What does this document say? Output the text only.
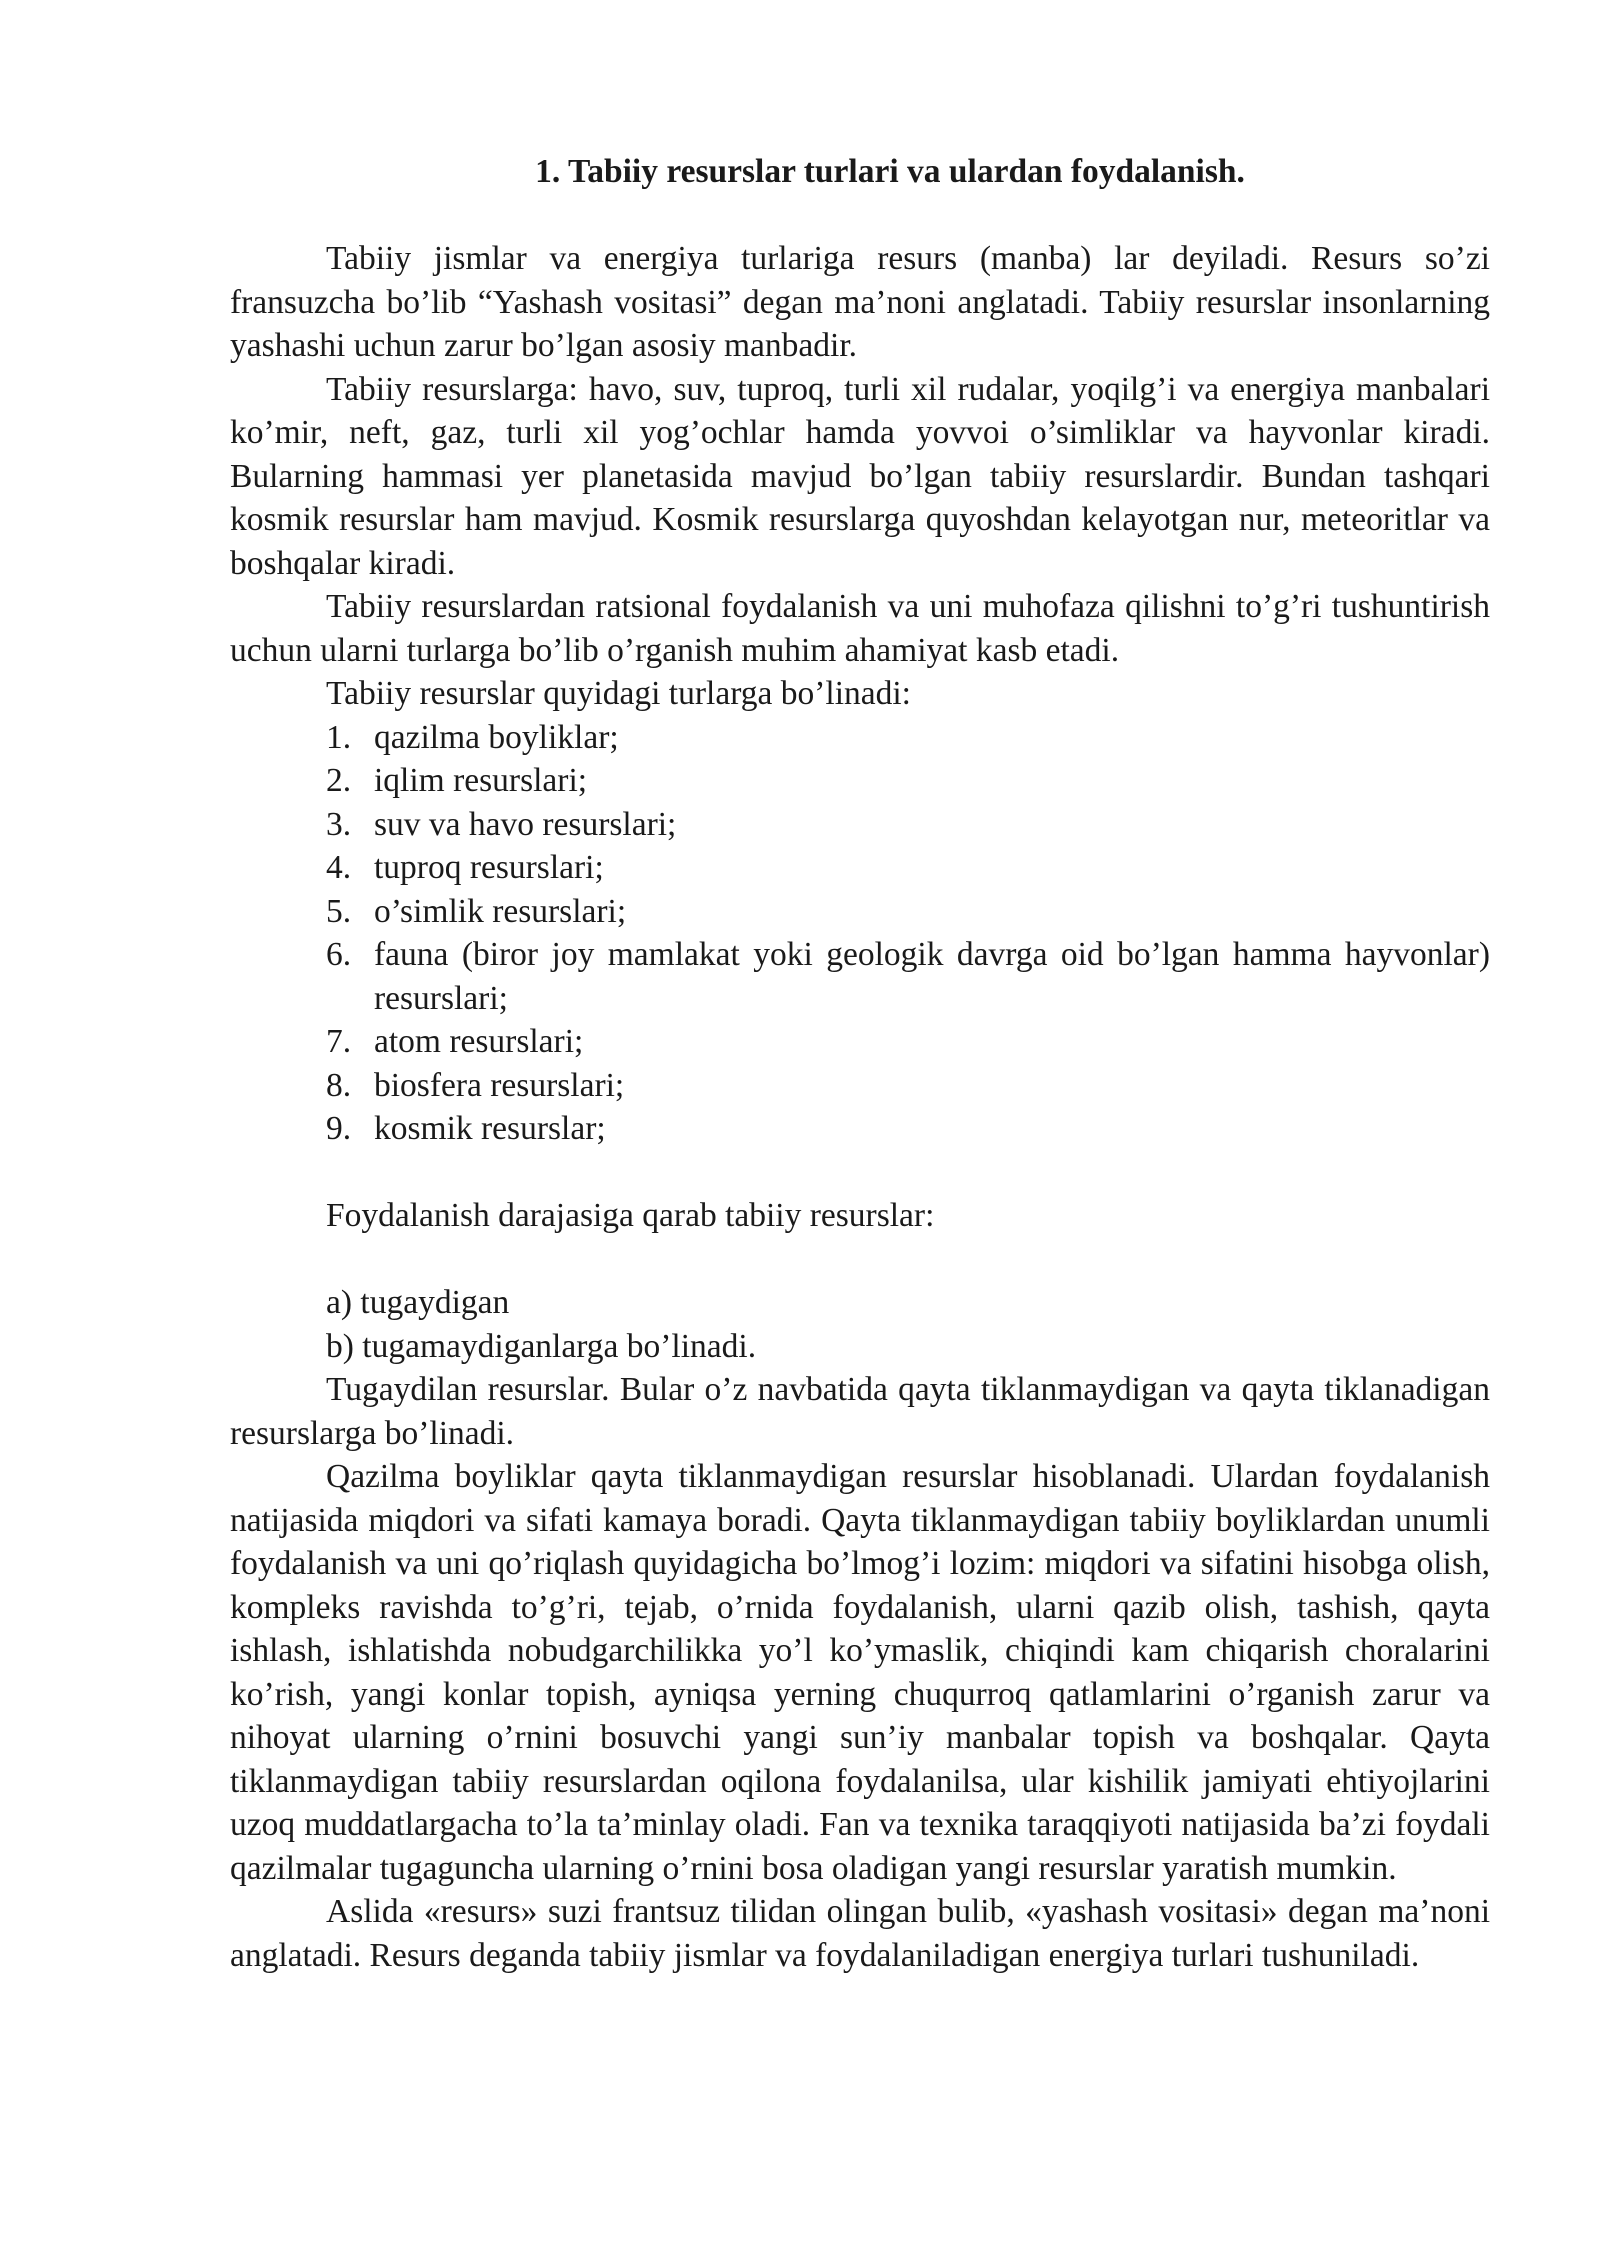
1. Tabiiy resurslar turlari va ulardan foydalanish.

Tabiiy jismlar va energiya turlariga resurs (manba) lar deyiladi. Resurs so’zi fransuzcha bo’lib “Yashash vositasi” degan ma’noni anglatadi. Tabiiy resurslar insonlarning yashashi uchun zarur bo’lgan asosiy manbadir.

Tabiiy resurslarga: havo, suv, tuproq, turli xil rudalar, yoqilg’i va energiya manbalari ko’mir, neft, gaz, turli xil yog’ochlar hamda yovvoi o’simliklar va hayvonlar kiradi. Bularning hammasi yer planetasida mavjud bo’lgan tabiiy resurslardir. Bundan tashqari kosmik resurslar ham mavjud. Kosmik resurslarga quyoshdan kelayotgan nur, meteoritlar va boshqalar kiradi.

Tabiiy resurslardan ratsional foydalanish va uni muhofaza qilishni to’g’ri tushuntirish uchun ularni turlarga bo’lib o’rganish muhim ahamiyat kasb etadi.

Tabiiy resurslar quyidagi turlarga bo’linadi:

1. qazilma boyliklar;
2. iqlim resurslari;
3. suv va havo resurslari;
4. tuproq resurslari;
5. o’simlik resurslari;
6. fauna (biror joy mamlakat yoki geologik davrga oid bo’lgan hamma hayvonlar) resurslari;
7. atom resurslari;
8. biosfera resurslari;
9. kosmik resurslar;

Foydalanish darajasiga qarab tabiiy resurslar:

a) tugaydigan

b) tugamaydiganlarga bo’linadi.

Tugaydilan resurslar. Bular o’z navbatida qayta tiklanmaydigan va qayta tiklanadigan resurslarga bo’linadi.

Qazilma boyliklar qayta tiklanmaydigan resurslar hisoblanadi. Ulardan foydalanish natijasida miqdori va sifati kamaya boradi. Qayta tiklanmaydigan tabiiy boyliklardan unumli foydalanish va uni qo’riqlash quyidagicha bo’lmog’i lozim: miqdori va sifatini hisobga olish, kompleks ravishda to’g’ri, tejab, o’rnida foydalanish, ularni qazib olish, tashish, qayta ishlash, ishlatishda nobudgarchilikka yo’l ko’ymaslik, chiqindi kam chiqarish choralarini ko’rish, yangi konlar topish, ayniqsa yerning chuqurroq qatlamlarini o’rganish zarur va nihoyat ularning o’rnini bosuvchi yangi sun’iy manbalar topish va boshqalar. Qayta tiklanmaydigan tabiiy resurslardan oqilona foydalanilsa, ular kishilik jamiyati ehtiyojlarini uzoq muddatlargacha to’la ta’minlay oladi. Fan va texnika taraqqiyoti natijasida ba’zi foydali qazilmalar tugaguncha ularning o’rnini bosa oladigan yangi resurslar yaratish mumkin.

Aslida «resurs» suzi frantsuz tilidan olingan bulib, «yashash vositasi» degan ma’noni anglatadi. Resurs deganda tabiiy jismlar va foydalaniladigan energiya turlari tushuniladi.
